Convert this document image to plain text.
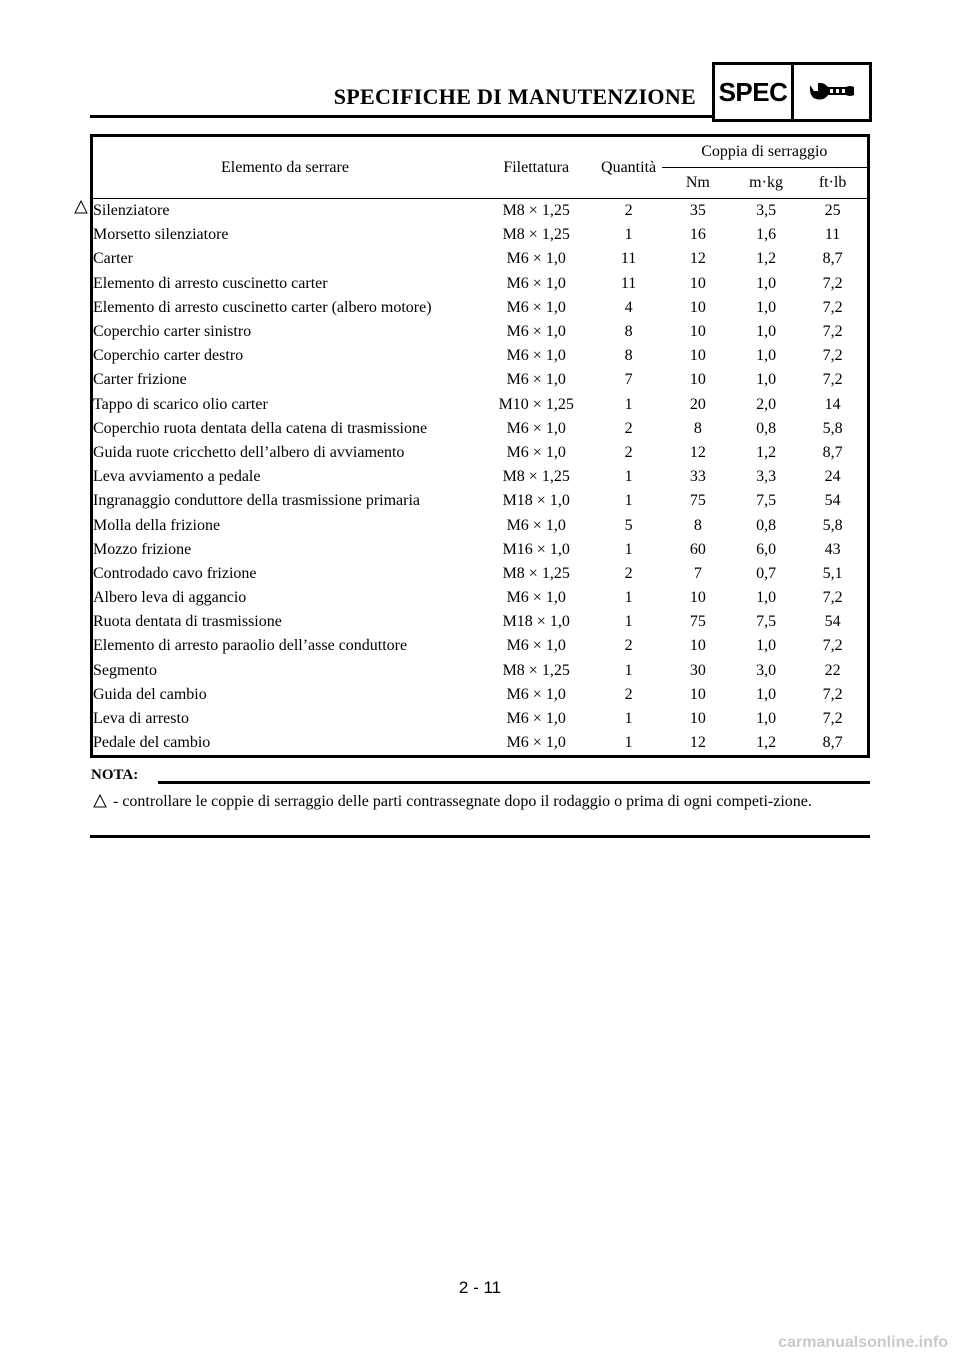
SPECIFICHE DI MANUTENZIONE SPEC
Elemento da serrare	Filettatura	Quantità	Coppia di serraggio		
			Nm	m·kg	ft·lb
Silenziatore	M8 × 1,25	2	35	3,5	25
Morsetto silenziatore	M8 × 1,25	1	16	1,6	11
Carter	M6 × 1,0	11	12	1,2	8,7
Elemento di arresto cuscinetto carter	M6 × 1,0	11	10	1,0	7,2
Elemento di arresto cuscinetto carter (albero motore)	M6 × 1,0	4	10	1,0	7,2
Coperchio carter sinistro	M6 × 1,0	8	10	1,0	7,2
Coperchio carter destro	M6 × 1,0	8	10	1,0	7,2
Carter frizione	M6 × 1,0	7	10	1,0	7,2
Tappo di scarico olio carter	M10 × 1,25	1	20	2,0	14
Coperchio ruota dentata della catena di trasmissione	M6 × 1,0	2	8	0,8	5,8
Guida ruote cricchetto dell’albero di avviamento	M6 × 1,0	2	12	1,2	8,7
Leva avviamento a pedale	M8 × 1,25	1	33	3,3	24
Ingranaggio conduttore della trasmissione primaria	M18 × 1,0	1	75	7,5	54
Molla della frizione	M6 × 1,0	5	8	0,8	5,8
Mozzo frizione	M16 × 1,0	1	60	6,0	43
Controdado cavo frizione	M8 × 1,25	2	7	0,7	5,1
Albero leva di aggancio	M6 × 1,0	1	10	1,0	7,2
Ruota dentata di trasmissione	M18 × 1,0	1	75	7,5	54
Elemento di arresto paraolio dell’asse conduttore	M6 × 1,0	2	10	1,0	7,2
Segmento	M8 × 1,25	1	30	3,0	22
Guida del cambio	M6 × 1,0	2	10	1,0	7,2
Leva di arresto	M6 × 1,0	1	10	1,0	7,2
Pedale del cambio	M6 × 1,0	1	12	1,2	8,7
NOTA:
- controllare le coppie di serraggio delle parti contrassegnate dopo il rodaggio o prima di ogni competi-zione.
2 - 11
carmanualsonline.info
